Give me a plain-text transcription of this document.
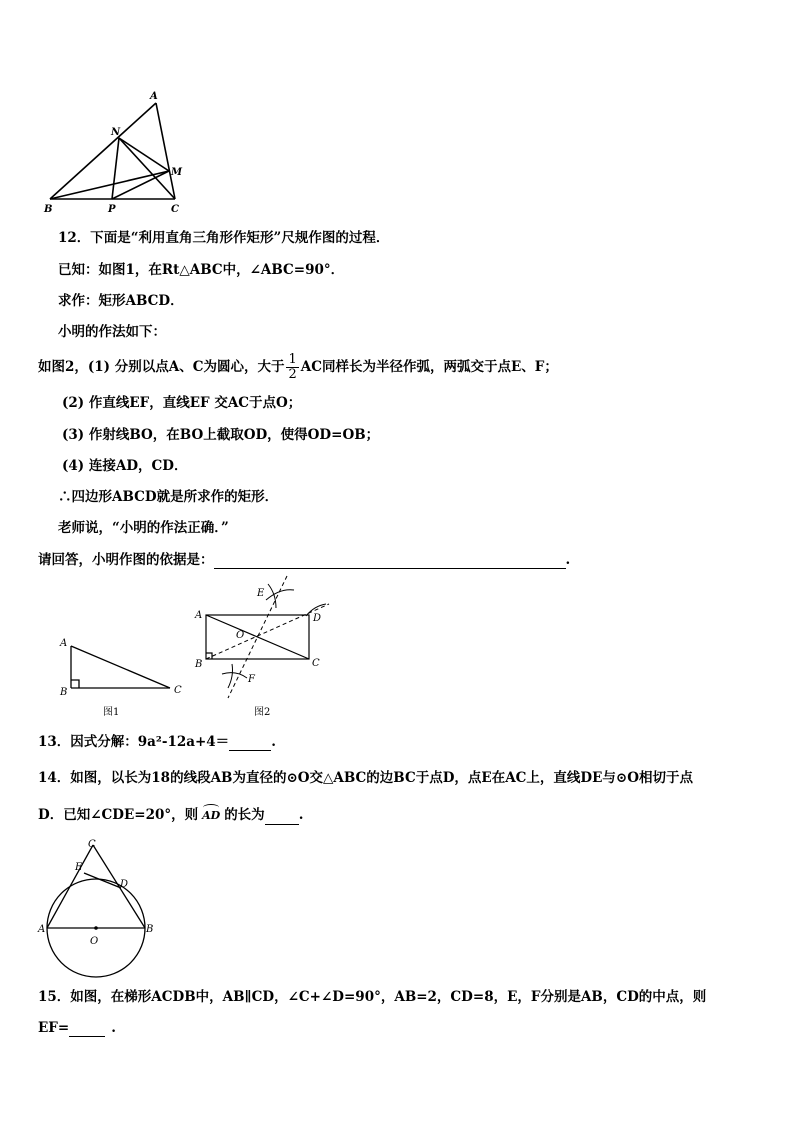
A
N
M
B	P	C
12．下面是“利用直角三角形作矩形”尺规作图的过程．
已知：如图1，在Rt△ABC中，∠ABC=90°．
求作：矩形ABCD．
小明的作法如下：
如图2，(1) 分别以点A、C为圆心，大于 $\frac{1}{2}$ AC同样长为半径作弧，两弧交于点E、F；
(2) 作直线EF，直线EF 交AC于点O；
(3) 作射线BO，在BO上截取OD，使得OD=OB；
(4) 连接AD，CD．
∴四边形ABCD就是所求作的矩形．
老师说，“小明的作法正确．”
请回答，小明作图的依据是：	.
A
B	C
图1
E
A	D
O
B	C
F
图2
13．因式分解：9a²-12a+4＝	.
14．如图，以长为18的线段AB为直径的⊙O交△ABC的边BC于点D，点E在AC上，直线DE与⊙O相切于点
D．已知∠CDE=20°，则 AD 的长为	.
C
E
D
A	B
O
15．如图，在梯形ACDB中，AB∥CD，∠C+∠D=90°，AB=2，CD=8，E，F分别是AB，CD的中点，则
EF=	.
